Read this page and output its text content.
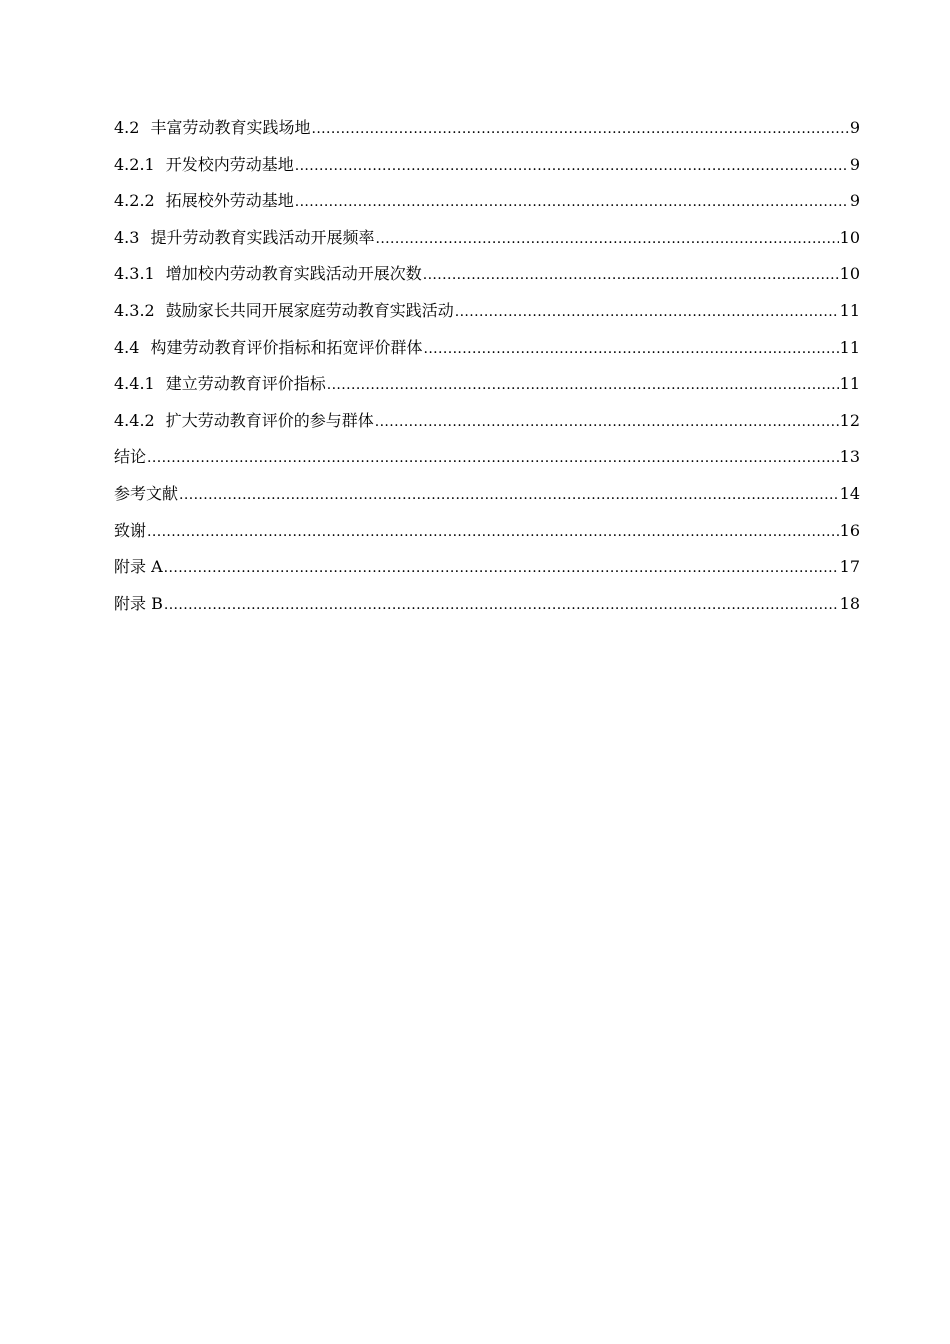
4.2 丰富劳动教育实践场地 .....	9
4.2.1 开发校内劳动基地 .....	9
4.2.2 拓展校外劳动基地 .....	9
4.3 提升劳动教育实践活动开展频率 .....	10
4.3.1 增加校内劳动教育实践活动开展次数 .....	10
4.3.2 鼓励家长共同开展家庭劳动教育实践活动 .....	11
4.4 构建劳动教育评价指标和拓宽评价群体 .....	11
4.4.1 建立劳动教育评价指标 .....	11
4.4.2 扩大劳动教育评价的参与群体 .....	12
结论 .....	13
参考文献 .....	14
致谢 .....	16
附录 A .....	17
附录 B .....	18
